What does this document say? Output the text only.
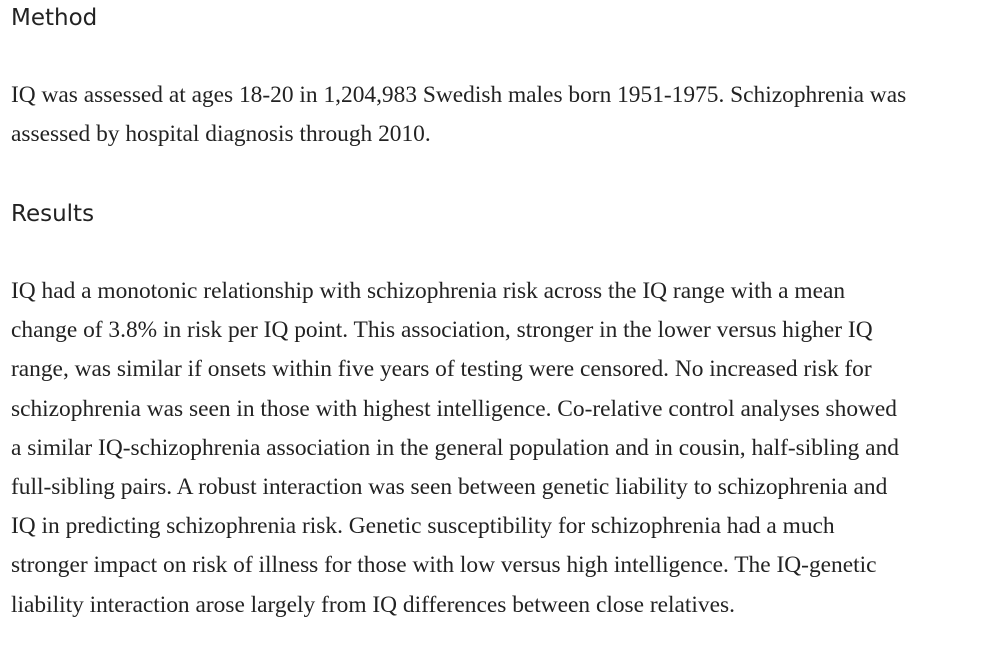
Method

IQ was assessed at ages 18-20 in 1,204,983 Swedish males born 1951-1975. Schizophrenia was
assessed by hospital diagnosis through 2010.

Results

IQ had a monotonic relationship with schizophrenia risk across the IQ range with a mean
change of 3.8% in risk per IQ point. This association, stronger in the lower versus higher IQ
range, was similar if onsets within five years of testing were censored. No increased risk for
schizophrenia was seen in those with highest intelligence. Co-relative control analyses showed
a similar IQ-schizophrenia association in the general population and in cousin, half-sibling and
full-sibling pairs. A robust interaction was seen between genetic liability to schizophrenia and
IQ in predicting schizophrenia risk. Genetic susceptibility for schizophrenia had a much
stronger impact on risk of illness for those with low versus high intelligence. The IQ-genetic
liability interaction arose largely from IQ differences between close relatives.
